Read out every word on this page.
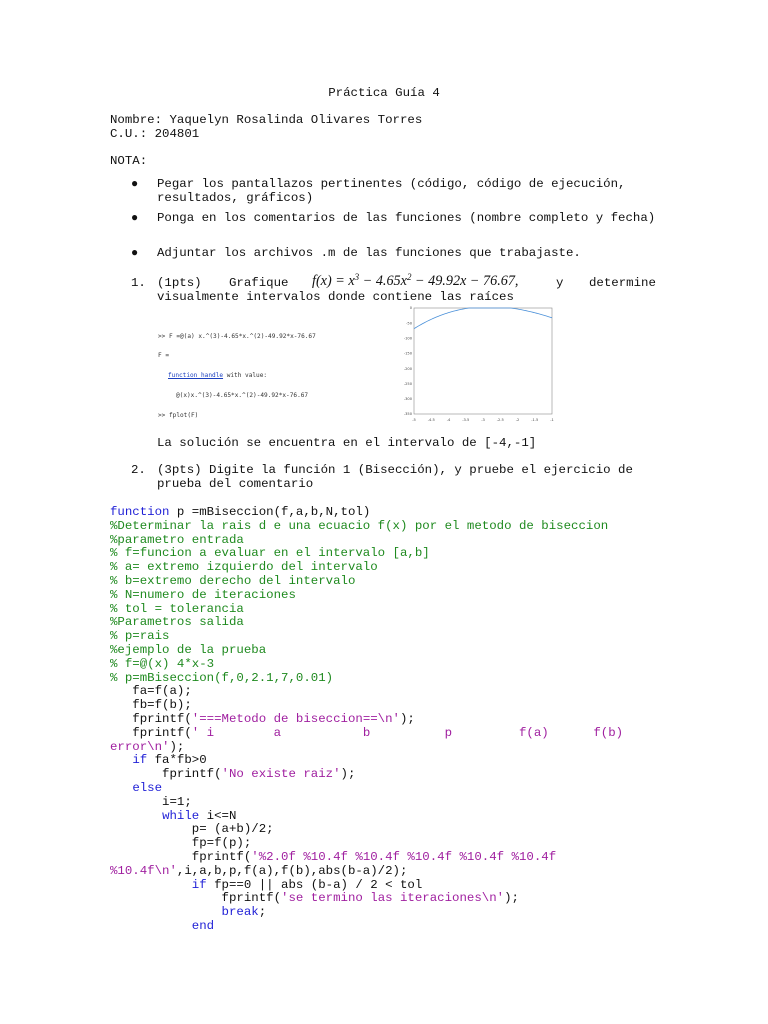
Práctica Guía 4
Nombre: Yaquelyn Rosalinda Olivares Torres
C.U.: 204801
NOTA:
● Pegar los pantallazos pertinentes (código, código de ejecución, resultados, gráficos)
● Ponga en los comentarios de las funciones (nombre completo y fecha)
● Adjuntar los archivos .m de las funciones que trabajaste.
1. (1pts) Grafique $f(x) = x^3 - 4.65x^2 - 49.92x - 76.67$,	y determine
visualmente intervalos donde contiene las raíces
>> F =@(a) x.^(3)-4.65*x.^(2)-49.92*x-76.67
F =
function_handle with value:
@(x)x.^(3)-4.65*x.^(2)-49.92*x-76.67
>> fplot(F)
-5	-4.5	-4	-3.5	-3	-2.5	-2	-1.5	-1
0
-50
-100
-150
-200
-250
-300
-350
La solución se encuentra en el intervalo de [-4,-1]
2. (3pts) Digite la función 1 (Bisección), y pruebe el ejercicio de
prueba del comentario
function p =mBiseccion(f,a,b,N,tol)
%Determinar la rais d e una ecuacio f(x) por el metodo de biseccion
%parametro entrada
% f=funcion a evaluar en el intervalo [a,b]
% a= extremo izquierdo del intervalo
% b=extremo derecho del intervalo
% N=numero de iteraciones
% tol = tolerancia
%Parametros salida
% p=rais
%ejemplo de la prueba
% f=@(x) 4*x-3
% p=mBiseccion(f,0,2.1,7,0.01)
fa=f(a);
fb=f(b);
fprintf('===Metodo de biseccion==\n');
fprintf(' i        a           b          p         f(a)      f(b)
error\n');
if fa*fb>0
fprintf('No existe raiz');
else
i=1;
while i<=N
p= (a+b)/2;
fp=f(p);
fprintf('%2.0f %10.4f %10.4f %10.4f %10.4f %10.4f
%10.4f\n',i,a,b,p,f(a),f(b),abs(b-a)/2);
if fp==0 || abs (b-a) / 2 < tol
fprintf('se termino las iteraciones\n');
break;
end
